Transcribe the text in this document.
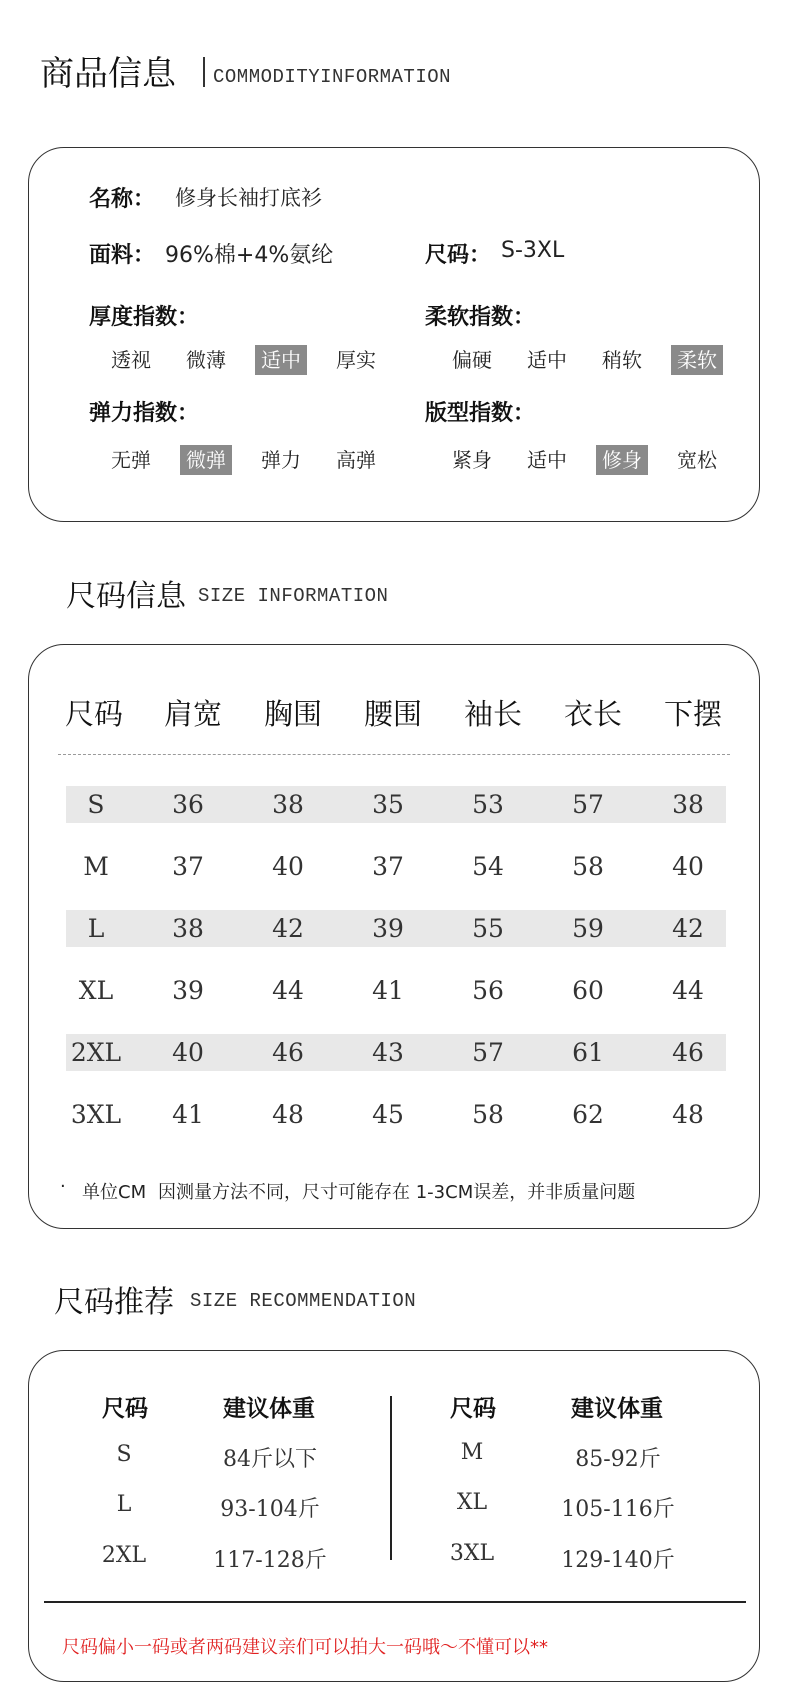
商品信息 COMMODITYINFORMATION
名称： 修身长袖打底衫
面料： 96%棉+4%氨纶	尺码： S-3XL
厚度指数：
透视	微薄	适中	厚实
柔软指数：
偏硬	适中	稍软	柔软
弹力指数：
无弹	微弹	弹力	高弹
版型指数：
紧身	适中	修身	宽松
尺码信息 SIZE INFORMATION
尺码	肩宽	胸围	腰围	袖长	衣长	下摆
S	36	38	35	53	57	38
M	37	40	37	54	58	40
L	38	42	39	55	59	42
XL	39	44	41	56	60	44
2XL	40	46	43	57	61	46
3XL	41	48	45	58	62	48
· 单位CM 因测量方法不同，尺寸可能存在 1-3CM误差，并非质量问题
尺码推荐 SIZE RECOMMENDATION
尺码	建议体重
S	84斤以下
L	93-104斤
2XL	117-128斤
尺码	建议体重
M	85-92斤
XL	105-116斤
3XL	129-140斤
尺码偏小一码或者两码建议亲们可以拍大一码哦～不懂可以**
